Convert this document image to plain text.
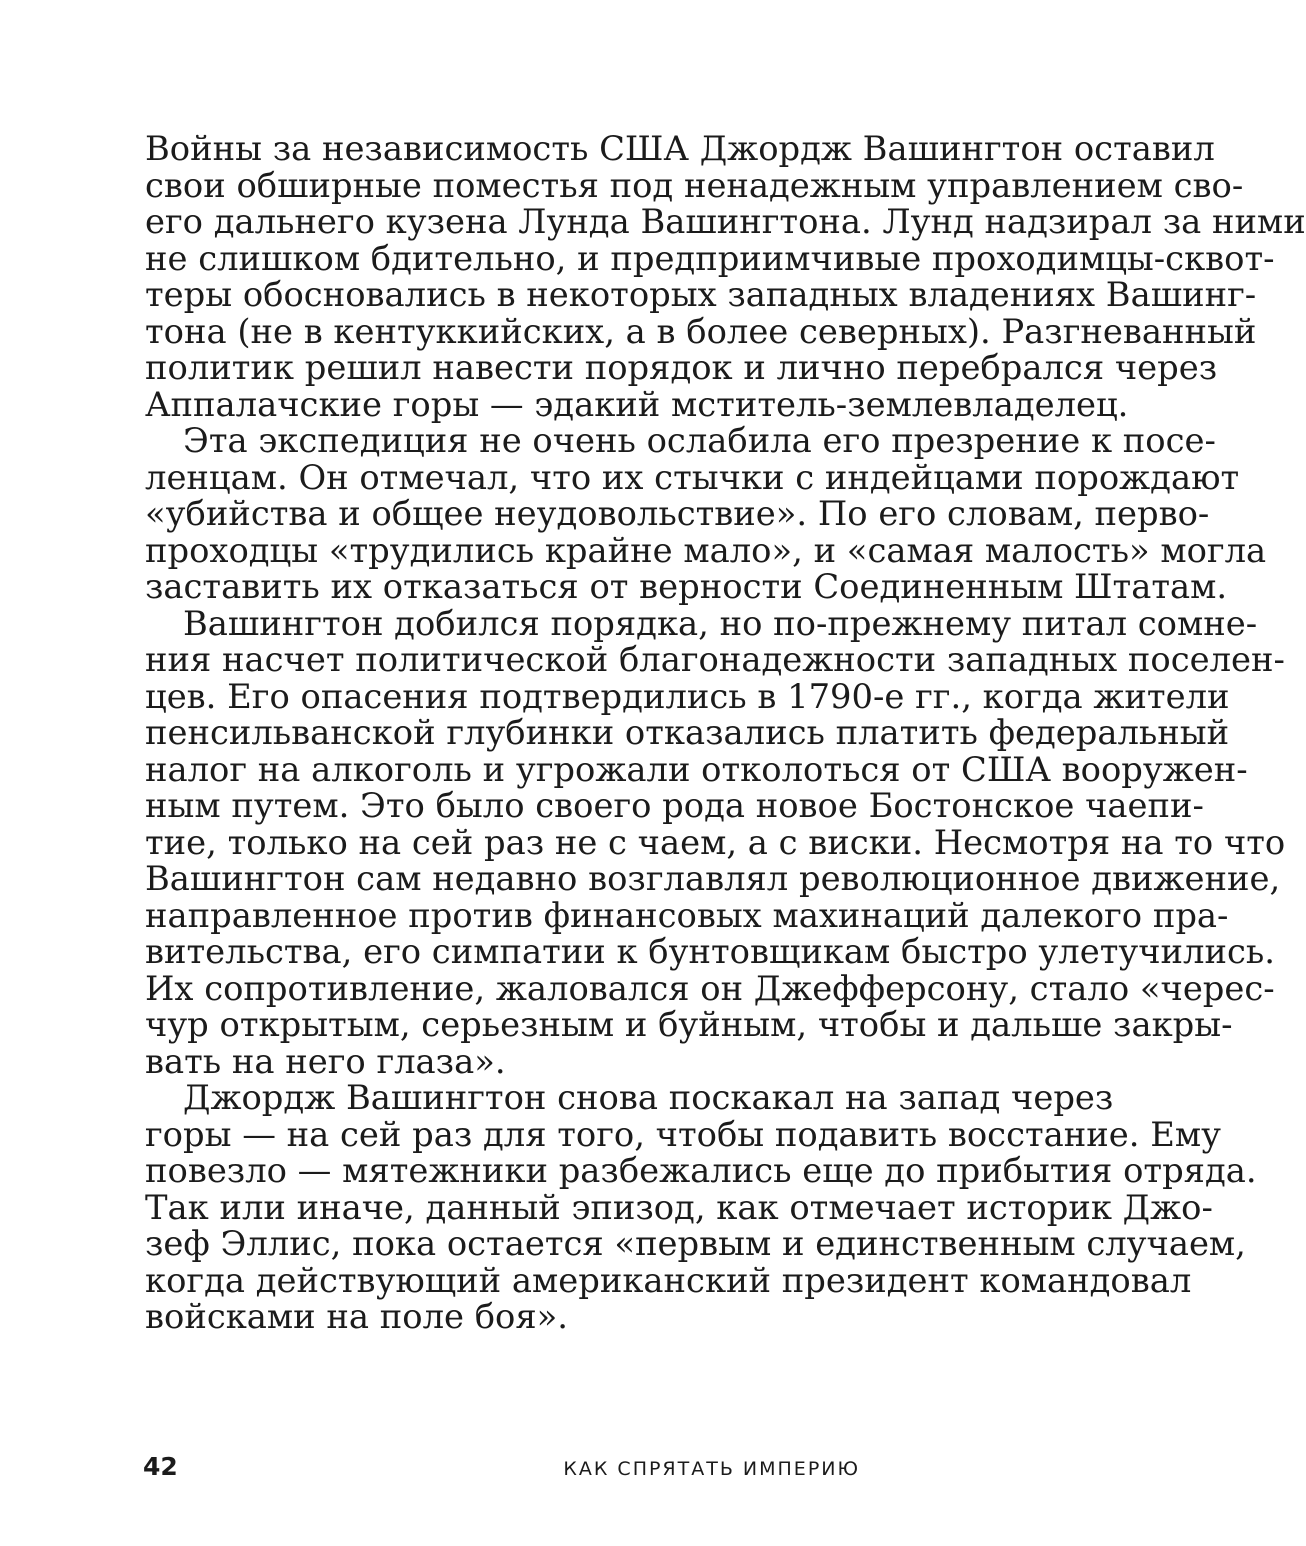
Войны за независимость США Джордж Вашингтон оставил
свои обширные поместья под ненадежным управлением сво-
его дальнего кузена Лунда Вашингтона. Лунд надзирал за ними
не слишком бдительно, и предприимчивые проходимцы-сквот-
теры обосновались в некоторых западных владениях Вашинг-
тона (не в кентуккийских, а в более северных). Разгневанный
политик решил навести порядок и лично перебрался через
Аппалачские горы — эдакий мститель-землевладелец.
Эта экспедиция не очень ослабила его презрение к посе-
ленцам. Он отмечал, что их стычки с индейцами порождают
«убийства и общее неудовольствие». По его словам, перво-
проходцы «трудились крайне мало», и «самая малость» могла
заставить их отказаться от верности Соединенным Штатам.
Вашингтон добился порядка, но по-прежнему питал сомне-
ния насчет политической благонадежности западных поселен-
цев. Его опасения подтвердились в 1790-е гг., когда жители
пенсильванской глубинки отказались платить федеральный
налог на алкоголь и угрожали отколоться от США вооружен-
ным путем. Это было своего рода новое Бостонское чаепи-
тие, только на сей раз не с чаем, а с виски. Несмотря на то что
Вашингтон сам недавно возглавлял революционное движение,
направленное против финансовых махинаций далекого пра-
вительства, его симпатии к бунтовщикам быстро улетучились.
Их сопротивление, жаловался он Джефферсону, стало «черес-
чур открытым, серьезным и буйным, чтобы и дальше закры-
вать на него глаза».
Джордж Вашингтон снова поскакал на запад через
горы — на сей раз для того, чтобы подавить восстание. Ему
повезло — мятежники разбежались еще до прибытия отряда.
Так или иначе, данный эпизод, как отмечает историк Джо-
зеф Эллис, пока остается «первым и единственным случаем,
когда действующий американский президент командовал
войсками на поле боя».
42	КАК СПРЯТАТЬ ИМПЕРИЮ
